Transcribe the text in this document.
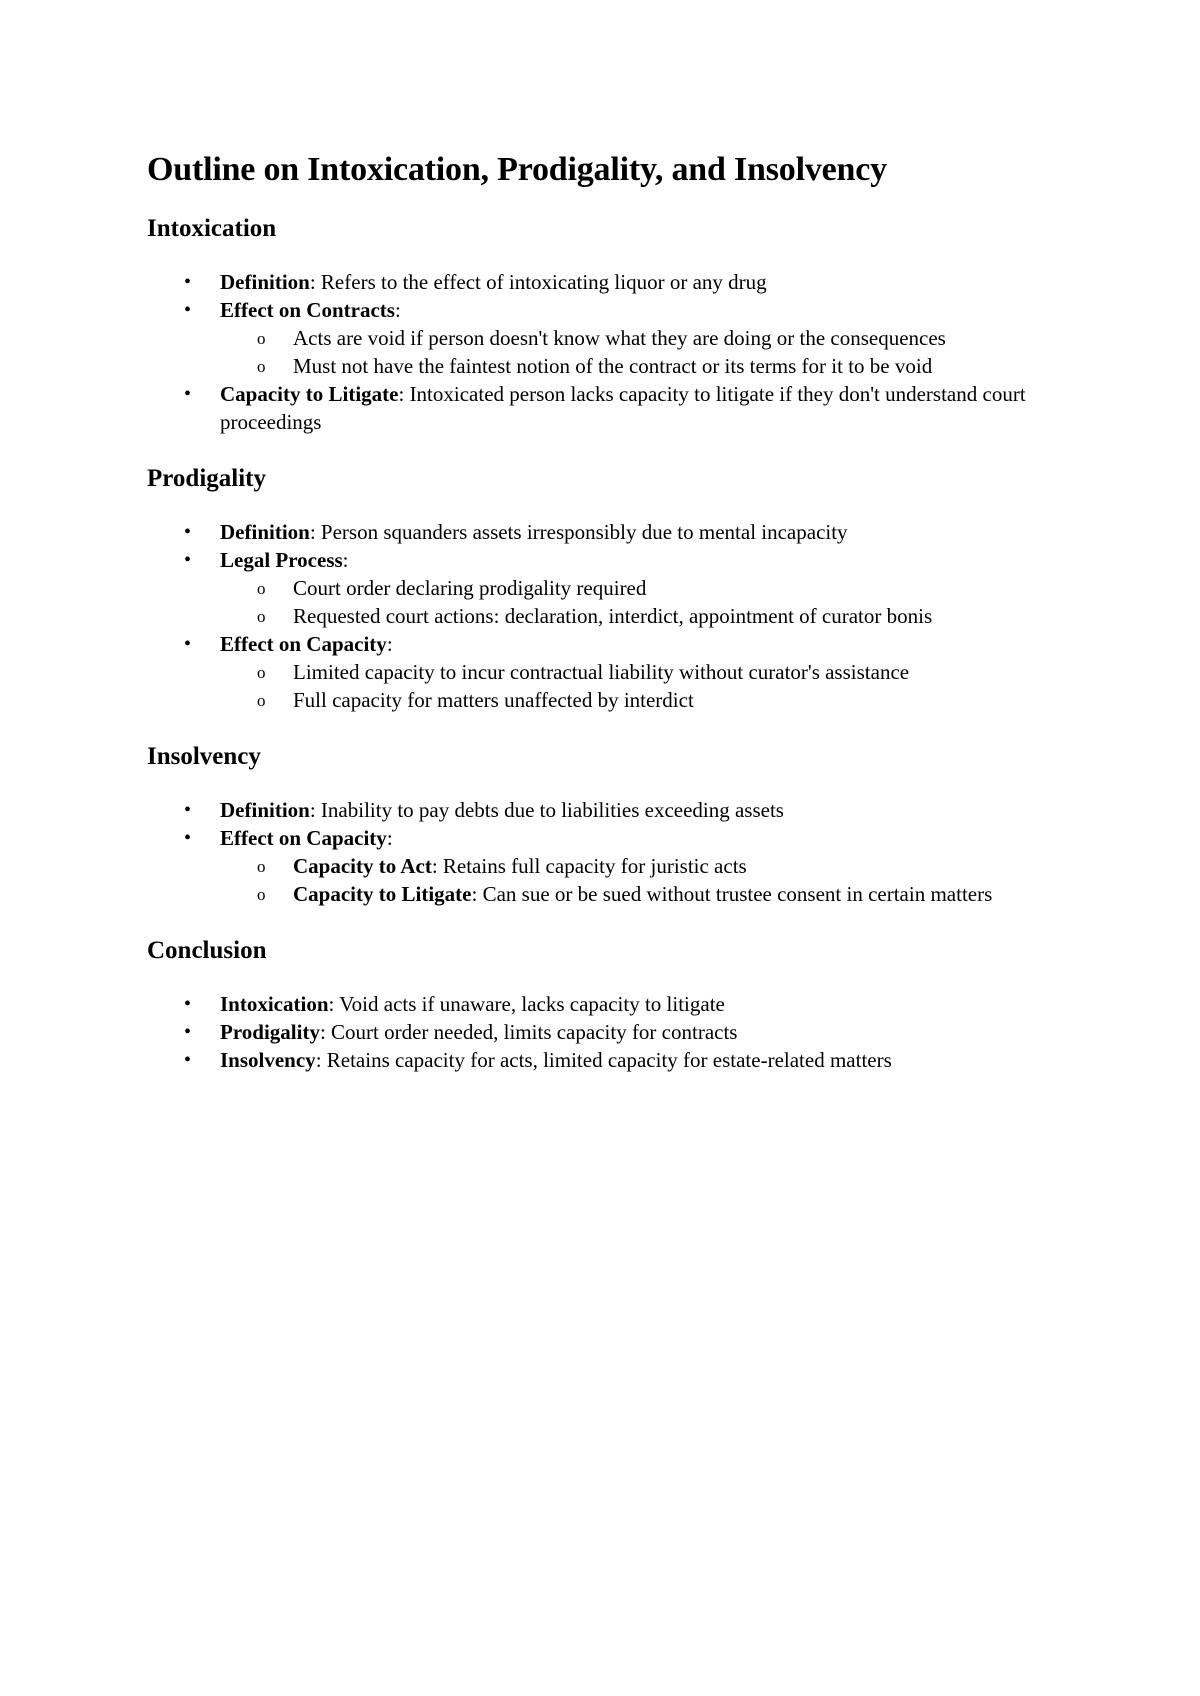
Outline on Intoxication, Prodigality, and Insolvency
Intoxication
• Definition: Refers to the effect of intoxicating liquor or any drug
• Effect on Contracts:
o Acts are void if person doesn't know what they are doing or the consequences
o Must not have the faintest notion of the contract or its terms for it to be void
• Capacity to Litigate: Intoxicated person lacks capacity to litigate if they don't understand court proceedings
Prodigality
• Definition: Person squanders assets irresponsibly due to mental incapacity
• Legal Process:
o Court order declaring prodigality required
o Requested court actions: declaration, interdict, appointment of curator bonis
• Effect on Capacity:
o Limited capacity to incur contractual liability without curator's assistance
o Full capacity for matters unaffected by interdict
Insolvency
• Definition: Inability to pay debts due to liabilities exceeding assets
• Effect on Capacity:
o Capacity to Act: Retains full capacity for juristic acts
o Capacity to Litigate: Can sue or be sued without trustee consent in certain matters
Conclusion
• Intoxication: Void acts if unaware, lacks capacity to litigate
• Prodigality: Court order needed, limits capacity for contracts
• Insolvency: Retains capacity for acts, limited capacity for estate-related matters
